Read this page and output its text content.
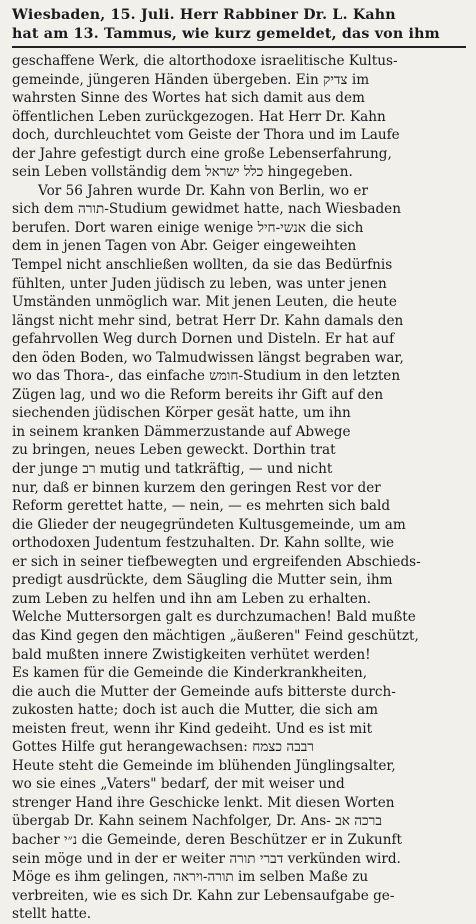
Wiesbaden, 15. Juli. Herr Rabbiner Dr. L. Kahn
hat am 13. Tammus, wie kurz gemeldet, das von ihm
geschaffene Werk, die altorthodoxe israelitische Kultus-
gemeinde, jüngeren Händen übergeben. Ein צדיק im
wahrsten Sinne des Wortes hat sich damit aus dem
öffentlichen Leben zurückgezogen. Hat Herr Dr. Kahn
doch, durchleuchtet vom Geiste der Thora und im Laufe
der Jahre gefestigt durch eine große Lebenserfahrung,
sein Leben vollständig dem כלל ישראל hingegeben.
Vor 56 Jahren wurde Dr. Kahn von Berlin, wo er
sich dem תורה-Studium gewidmet hatte, nach Wiesbaden
berufen. Dort waren einige wenige אנשי-חיל die sich
dem in jenen Tagen von Abr. Geiger eingeweihten
Tempel nicht anschließen wollten, da sie das Bedürfnis
fühlten, unter Juden jüdisch zu leben, was unter jenen
Umständen unmöglich war. Mit jenen Leuten, die heute
längst nicht mehr sind, betrat Herr Dr. Kahn damals den
gefahrvollen Weg durch Dornen und Disteln. Er hat auf
den öden Boden, wo Talmudwissen längst begraben war,
wo das Thora-, das einfache חומש-Studium in den letzten
Zügen lag, und wo die Reform bereits ihr Gift auf den
siechenden jüdischen Körper gesät hatte, um ihn
in seinem kranken Dämmerzustande auf Abwege
zu bringen, neues Leben geweckt. Dorthin trat
der junge רב mutig und tatkräftig, — und nicht
nur, daß er binnen kurzem den geringen Rest vor der
Reform gerettet hatte, — nein, — es mehrten sich bald
die Glieder der neugegründeten Kultusgemeinde, um am
orthodoxen Judentum festzuhalten. Dr. Kahn sollte, wie
er sich in seiner tiefbewegten und ergreifenden Abschieds-
predigt ausdrückte, dem Säugling die Mutter sein, ihm
zum Leben zu helfen und ihn am Leben zu erhalten.
Welche Muttersorgen galt es durchzumachen! Bald mußte
das Kind gegen den mächtigen „äußeren" Feind geschützt,
bald mußten innere Zwistigkeiten verhütet werden!
Es kamen für die Gemeinde die Kinderkrankheiten,
die auch die Mutter der Gemeinde aufs bitterste durch-
zukosten hatte; doch ist auch die Mutter, die sich am
meisten freut, wenn ihr Kind gedeiht. Und es ist mit
Gottes Hilfe gut herangewachsen: רבבה כצמח
Heute steht die Gemeinde im blühenden Jünglingsalter,
wo sie eines „Vaters" bedarf, der mit weiser und
strenger Hand ihre Geschicke lenkt. Mit diesen Worten
übergab Dr. Kahn seinem Nachfolger, Dr. Ans- ברכה אב
bacher נ״י die Gemeinde, deren Beschützer er in Zukunft
sein möge und in der er weiter דברי תורה verkünden wird.
Möge es ihm gelingen, תורה-ויראה im selben Maße zu
verbreiten, wie es sich Dr. Kahn zur Lebensaufgabe ge-
stellt hatte.
